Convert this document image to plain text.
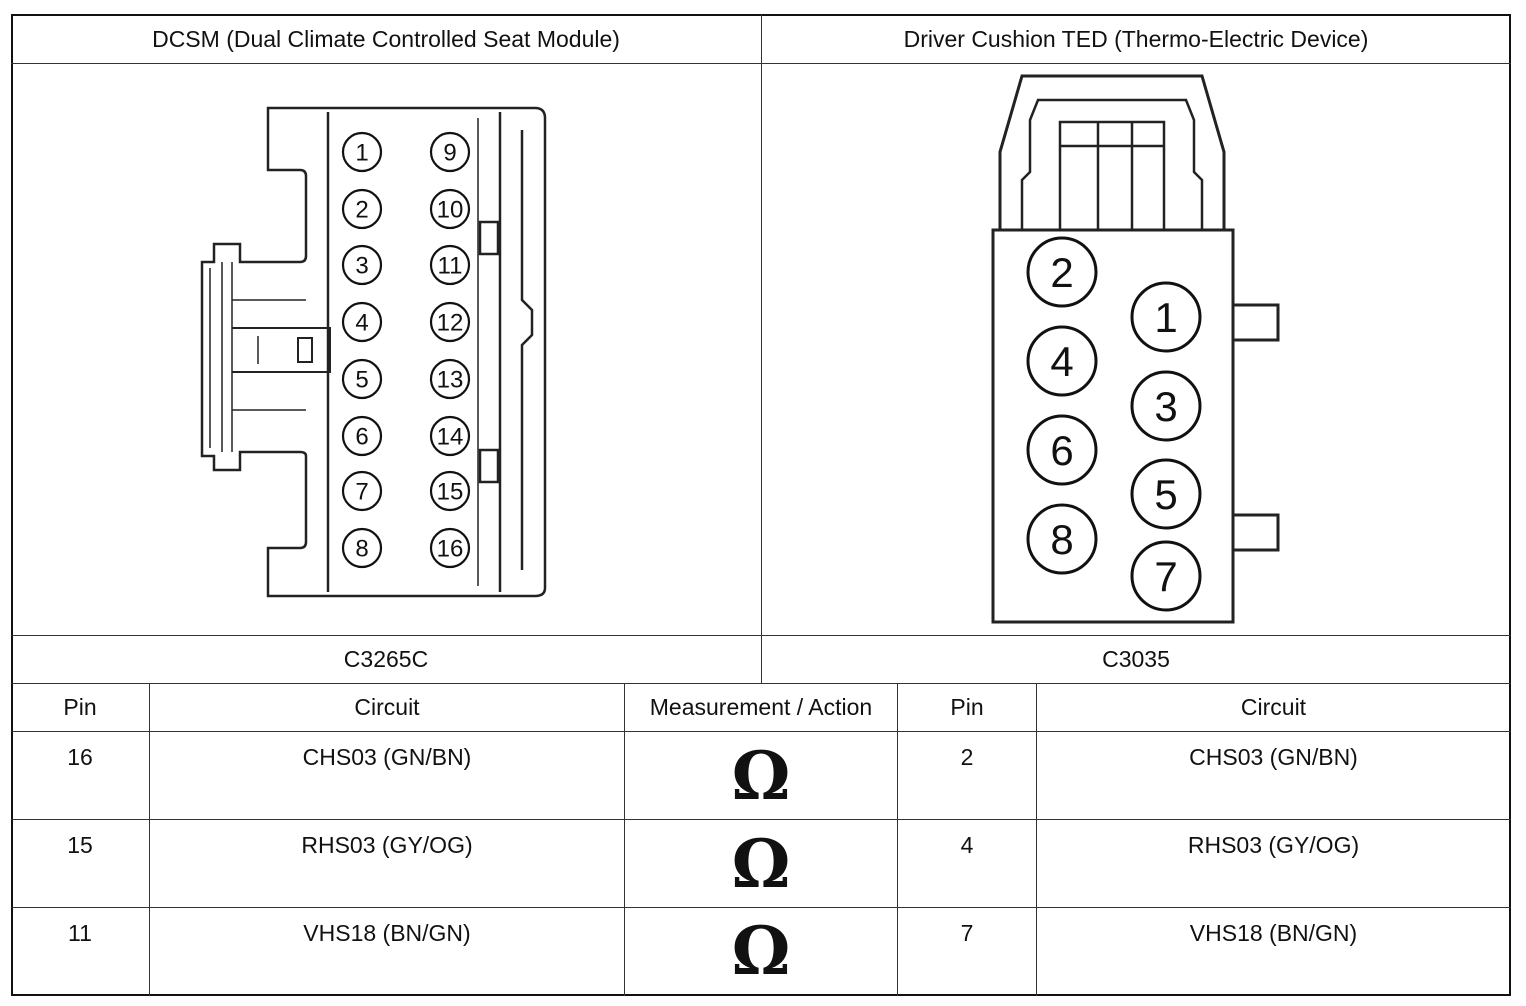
DCSM (Dual Climate Controlled Seat Module)	Driver Cushion TED (Thermo-Electric Device)
C3265C	C3035
1	9
2	10
3	11
4	12
5	13
6	14
7	15
8	16
1
2
3
4
5
6
7
8
Pin	Circuit	Measurement / Action	Pin	Circuit
16	CHS03 (GN/BN)	Ω	2	CHS03 (GN/BN)
15	RHS03 (GY/OG)	Ω	4	RHS03 (GY/OG)
11	VHS18 (BN/GN)	Ω	7	VHS18 (BN/GN)
